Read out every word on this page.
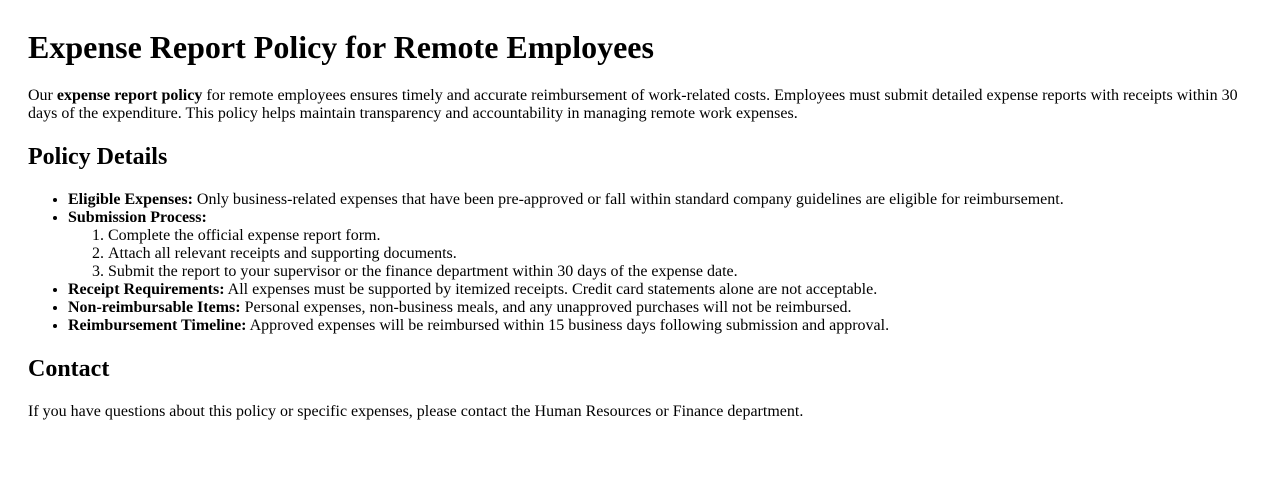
Expense Report Policy for Remote Employees

Our expense report policy for remote employees ensures timely and accurate reimbursement of work-related costs. Employees must submit detailed expense reports with receipts within 30 days of the expenditure. This policy helps maintain transparency and accountability in managing remote work expenses.

Policy Details
• Eligible Expenses: Only business-related expenses that have been pre-approved or fall within standard company guidelines are eligible for reimbursement.
• Submission Process:
1. Complete the official expense report form.
2. Attach all relevant receipts and supporting documents.
3. Submit the report to your supervisor or the finance department within 30 days of the expense date.
• Receipt Requirements: All expenses must be supported by itemized receipts. Credit card statements alone are not acceptable.
• Non-reimbursable Items: Personal expenses, non-business meals, and any unapproved purchases will not be reimbursed.
• Reimbursement Timeline: Approved expenses will be reimbursed within 15 business days following submission and approval.
Contact

If you have questions about this policy or specific expenses, please contact the Human Resources or Finance department.
